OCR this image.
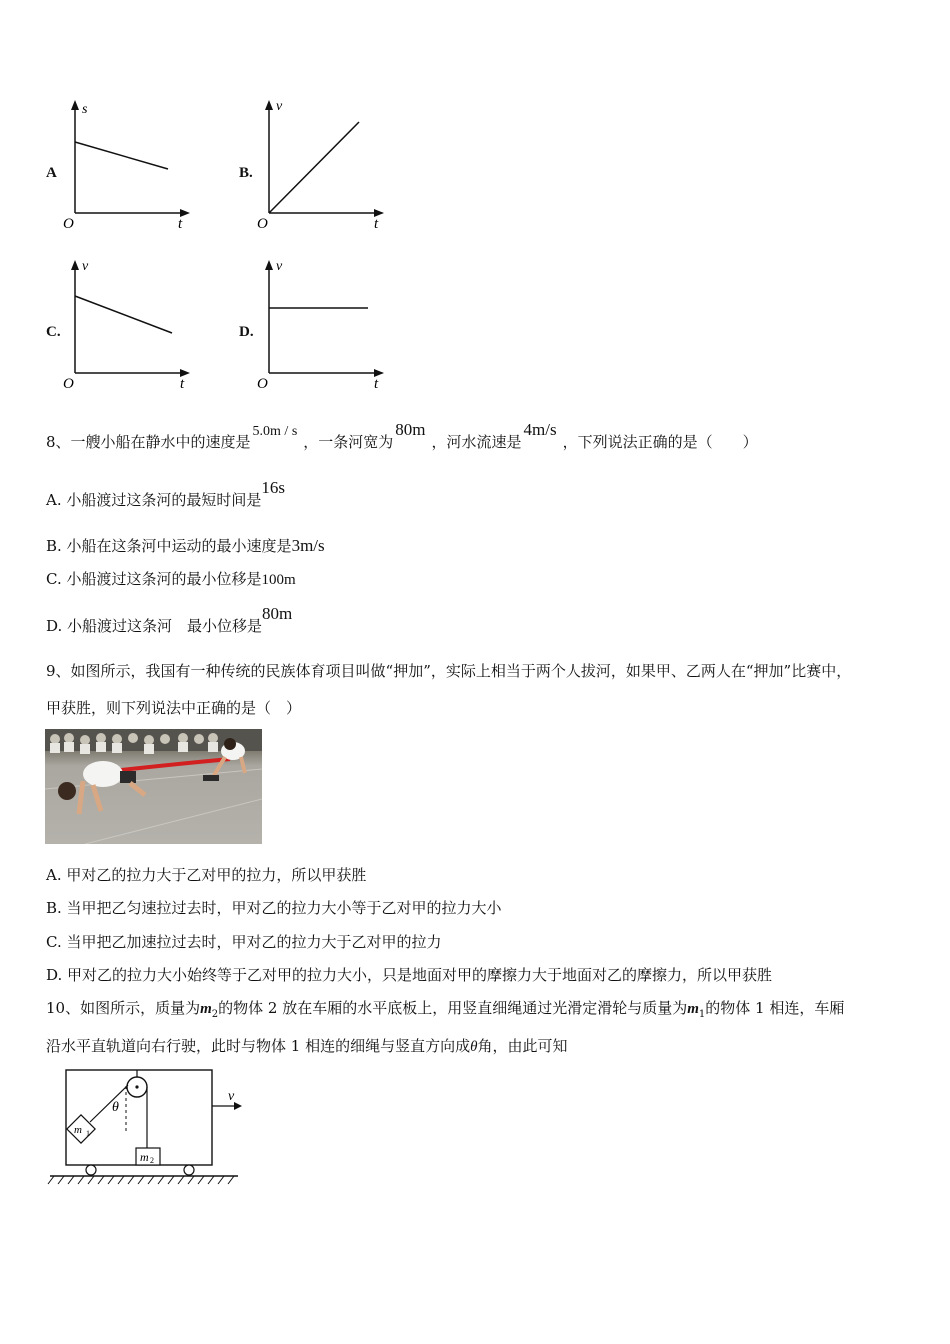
A
s
t
O
B.
v
t
O
C.
v
t
O
D.
v
t
O
8、一艘小船在静水中的速度是5.0m / s，一条河宽为80m，河水流速是4m/s，下列说法正确的是（　　）
A. 小船渡过这条河的最短时间是16s
B. 小船在这条河中运动的最小速度是3m/s
C. 小船渡过这条河的最小位移是100m
D. 小船渡过这条河　最小位移是80m
9、如图所示，我国有一种传统的民族体育项目叫做“押加”，实际上相当于两个人拔河，如果甲、乙两人在“押加”比赛中，
甲获胜，则下列说法中正确的是（　）
A. 甲对乙的拉力大于乙对甲的拉力，所以甲获胜
B. 当甲把乙匀速拉过去时，甲对乙的拉力大小等于乙对甲的拉力大小
C. 当甲把乙加速拉过去时，甲对乙的拉力大于乙对甲的拉力
D. 甲对乙的拉力大小始终等于乙对甲的拉力大小，只是地面对甲的摩擦力大于地面对乙的摩擦力，所以甲获胜
10、如图所示，质量为$m_2$的物体 2 放在车厢的水平底板上，用竖直细绳通过光滑定滑轮与质量为$m_1$的物体 1 相连，车厢
沿水平直轨道向右行驶，此时与物体 1 相连的细绳与竖直方向成θ角，由此可知
θ
m 1
m 2
v
